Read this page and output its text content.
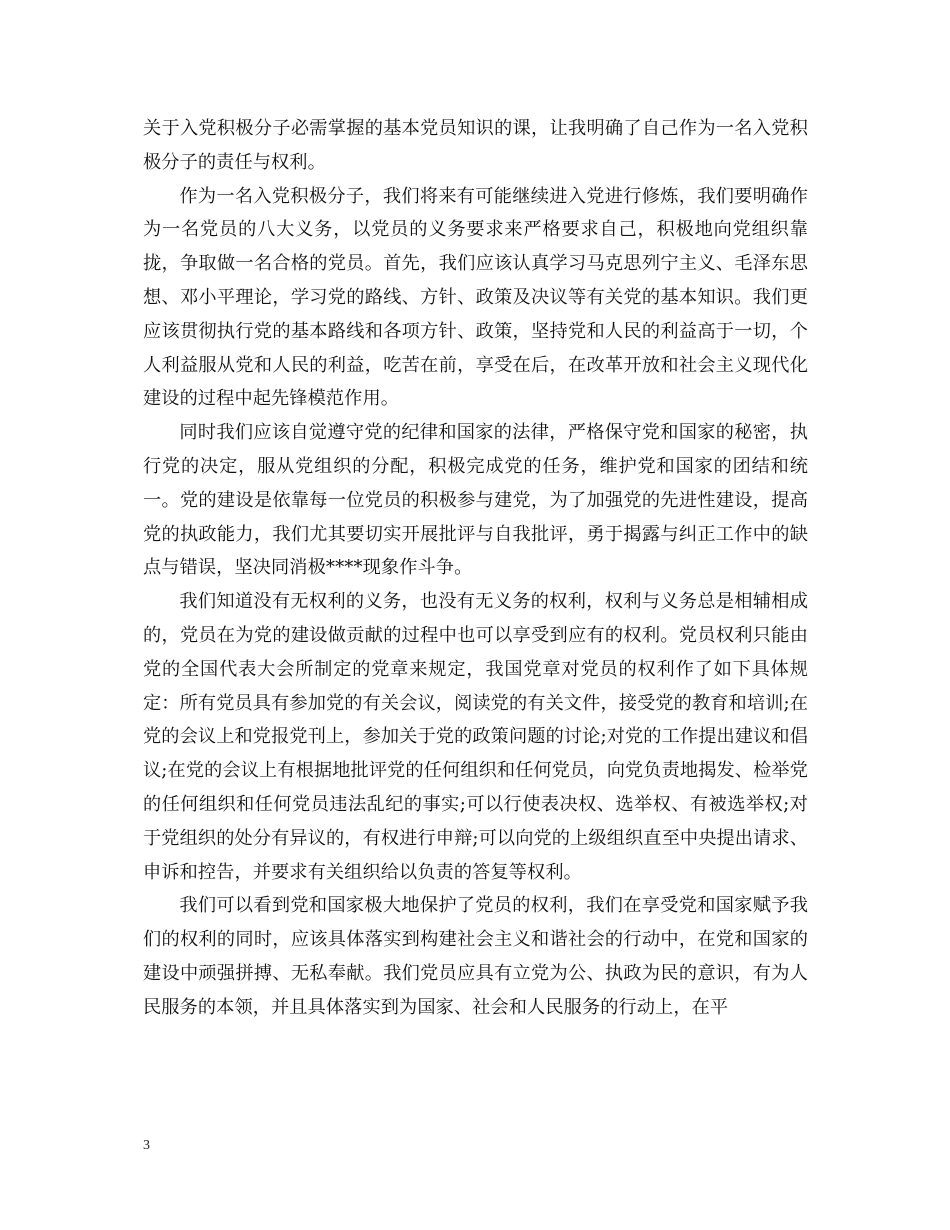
关于入党积极分子必需掌握的基本党员知识的课，让我明确了自己作为一名入党积极分子的责任与权利。

作为一名入党积极分子，我们将来有可能继续进入党进行修炼，我们要明确作为一名党员的八大义务，以党员的义务要求来严格要求自己，积极地向党组织靠拢，争取做一名合格的党员。首先，我们应该认真学习马克思列宁主义、毛泽东思想、邓小平理论，学习党的路线、方针、政策及决议等有关党的基本知识。我们更应该贯彻执行党的基本路线和各项方针、政策，坚持党和人民的利益高于一切，个人利益服从党和人民的利益，吃苦在前，享受在后，在改革开放和社会主义现代化建设的过程中起先锋模范作用。

同时我们应该自觉遵守党的纪律和国家的法律，严格保守党和国家的秘密，执行党的决定，服从党组织的分配，积极完成党的任务，维护党和国家的团结和统一。党的建设是依靠每一位党员的积极参与建党，为了加强党的先进性建设，提高党的执政能力，我们尤其要切实开展批评与自我批评，勇于揭露与纠正工作中的缺点与错误，坚决同消极****现象作斗争。

我们知道没有无权利的义务，也没有无义务的权利，权利与义务总是相辅相成的，党员在为党的建设做贡献的过程中也可以享受到应有的权利。党员权利只能由党的全国代表大会所制定的党章来规定，我国党章对党员的权利作了如下具体规定：所有党员具有参加党的有关会议，阅读党的有关文件，接受党的教育和培训;在党的会议上和党报党刊上，参加关于党的政策问题的讨论;对党的工作提出建议和倡议;在党的会议上有根据地批评党的任何组织和任何党员，向党负责地揭发、检举党的任何组织和任何党员违法乱纪的事实;可以行使表决权、选举权、有被选举权;对于党组织的处分有异议的，有权进行申辩;可以向党的上级组织直至中央提出请求、申诉和控告，并要求有关组织给以负责的答复等权利。

我们可以看到党和国家极大地保护了党员的权利，我们在享受党和国家赋予我们的权利的同时，应该具体落实到构建社会主义和谐社会的行动中，在党和国家的建设中顽强拼搏、无私奉献。我们党员应具有立党为公、执政为民的意识，有为人民服务的本领，并且具体落实到为国家、社会和人民服务的行动上，在平

3
